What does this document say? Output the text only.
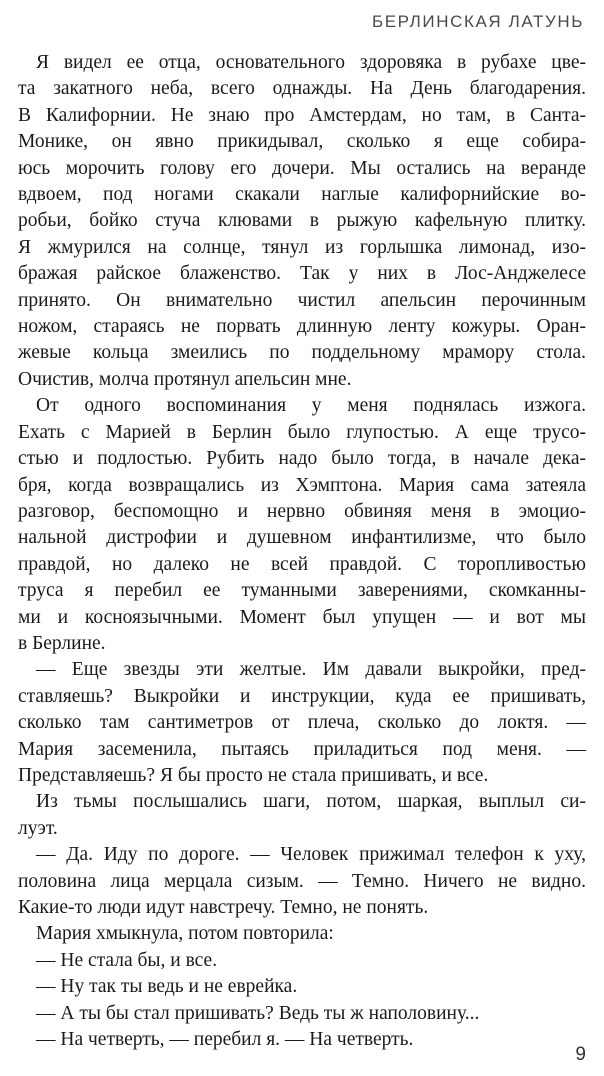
БЕРЛИНСКАЯ ЛАТУНЬ
Я видел ее отца, основательного здоровяка в рубахе цве-
та закатного неба, всего однажды. На День благодарения.
В Калифорнии. Не знаю про Амстердам, но там, в Санта-
Монике, он явно прикидывал, сколько я еще собира-
юсь морочить голову его дочери. Мы остались на веранде
вдвоем, под ногами скакали наглые калифорнийские во-
робьи, бойко стуча клювами в рыжую кафельную плитку.
Я жмурился на солнце, тянул из горлышка лимонад, изо-
бражая райское блаженство. Так у них в Лос-Анджелесе
принято. Он внимательно чистил апельсин перочинным
ножом, стараясь не порвать длинную ленту кожуры. Оран-
жевые кольца змеились по поддельному мрамору стола.
Очистив, молча протянул апельсин мне.
От одного воспоминания у меня поднялась изжога.
Ехать с Марией в Берлин было глупостью. А еще трусо-
стью и подлостью. Рубить надо было тогда, в начале дека-
бря, когда возвращались из Хэмптона. Мария сама затеяла
разговор, беспомощно и нервно обвиняя меня в эмоцио-
нальной дистрофии и душевном инфантилизме, что было
правдой, но далеко не всей правдой. С торопливостью
труса я перебил ее туманными заверениями, скомканны-
ми и косноязычными. Момент был упущен — и вот мы
в Берлине.
— Еще звезды эти желтые. Им давали выкройки, пред-
ставляешь? Выкройки и инструкции, куда ее пришивать,
сколько там сантиметров от плеча, сколько до локтя. —
Мария засеменила, пытаясь приладиться под меня. —
Представляешь? Я бы просто не стала пришивать, и все.
Из тьмы послышались шаги, потом, шаркая, выплыл си-
луэт.
— Да. Иду по дороге. — Человек прижимал телефон к уху,
половина лица мерцала сизым. — Темно. Ничего не видно.
Какие-то люди идут навстречу. Темно, не понять.
Мария хмыкнула, потом повторила:
— Не стала бы, и все.
— Ну так ты ведь и не еврейка.
— А ты бы стал пришивать? Ведь ты ж наполовину...
— На четверть, — перебил я. — На четверть.
9
